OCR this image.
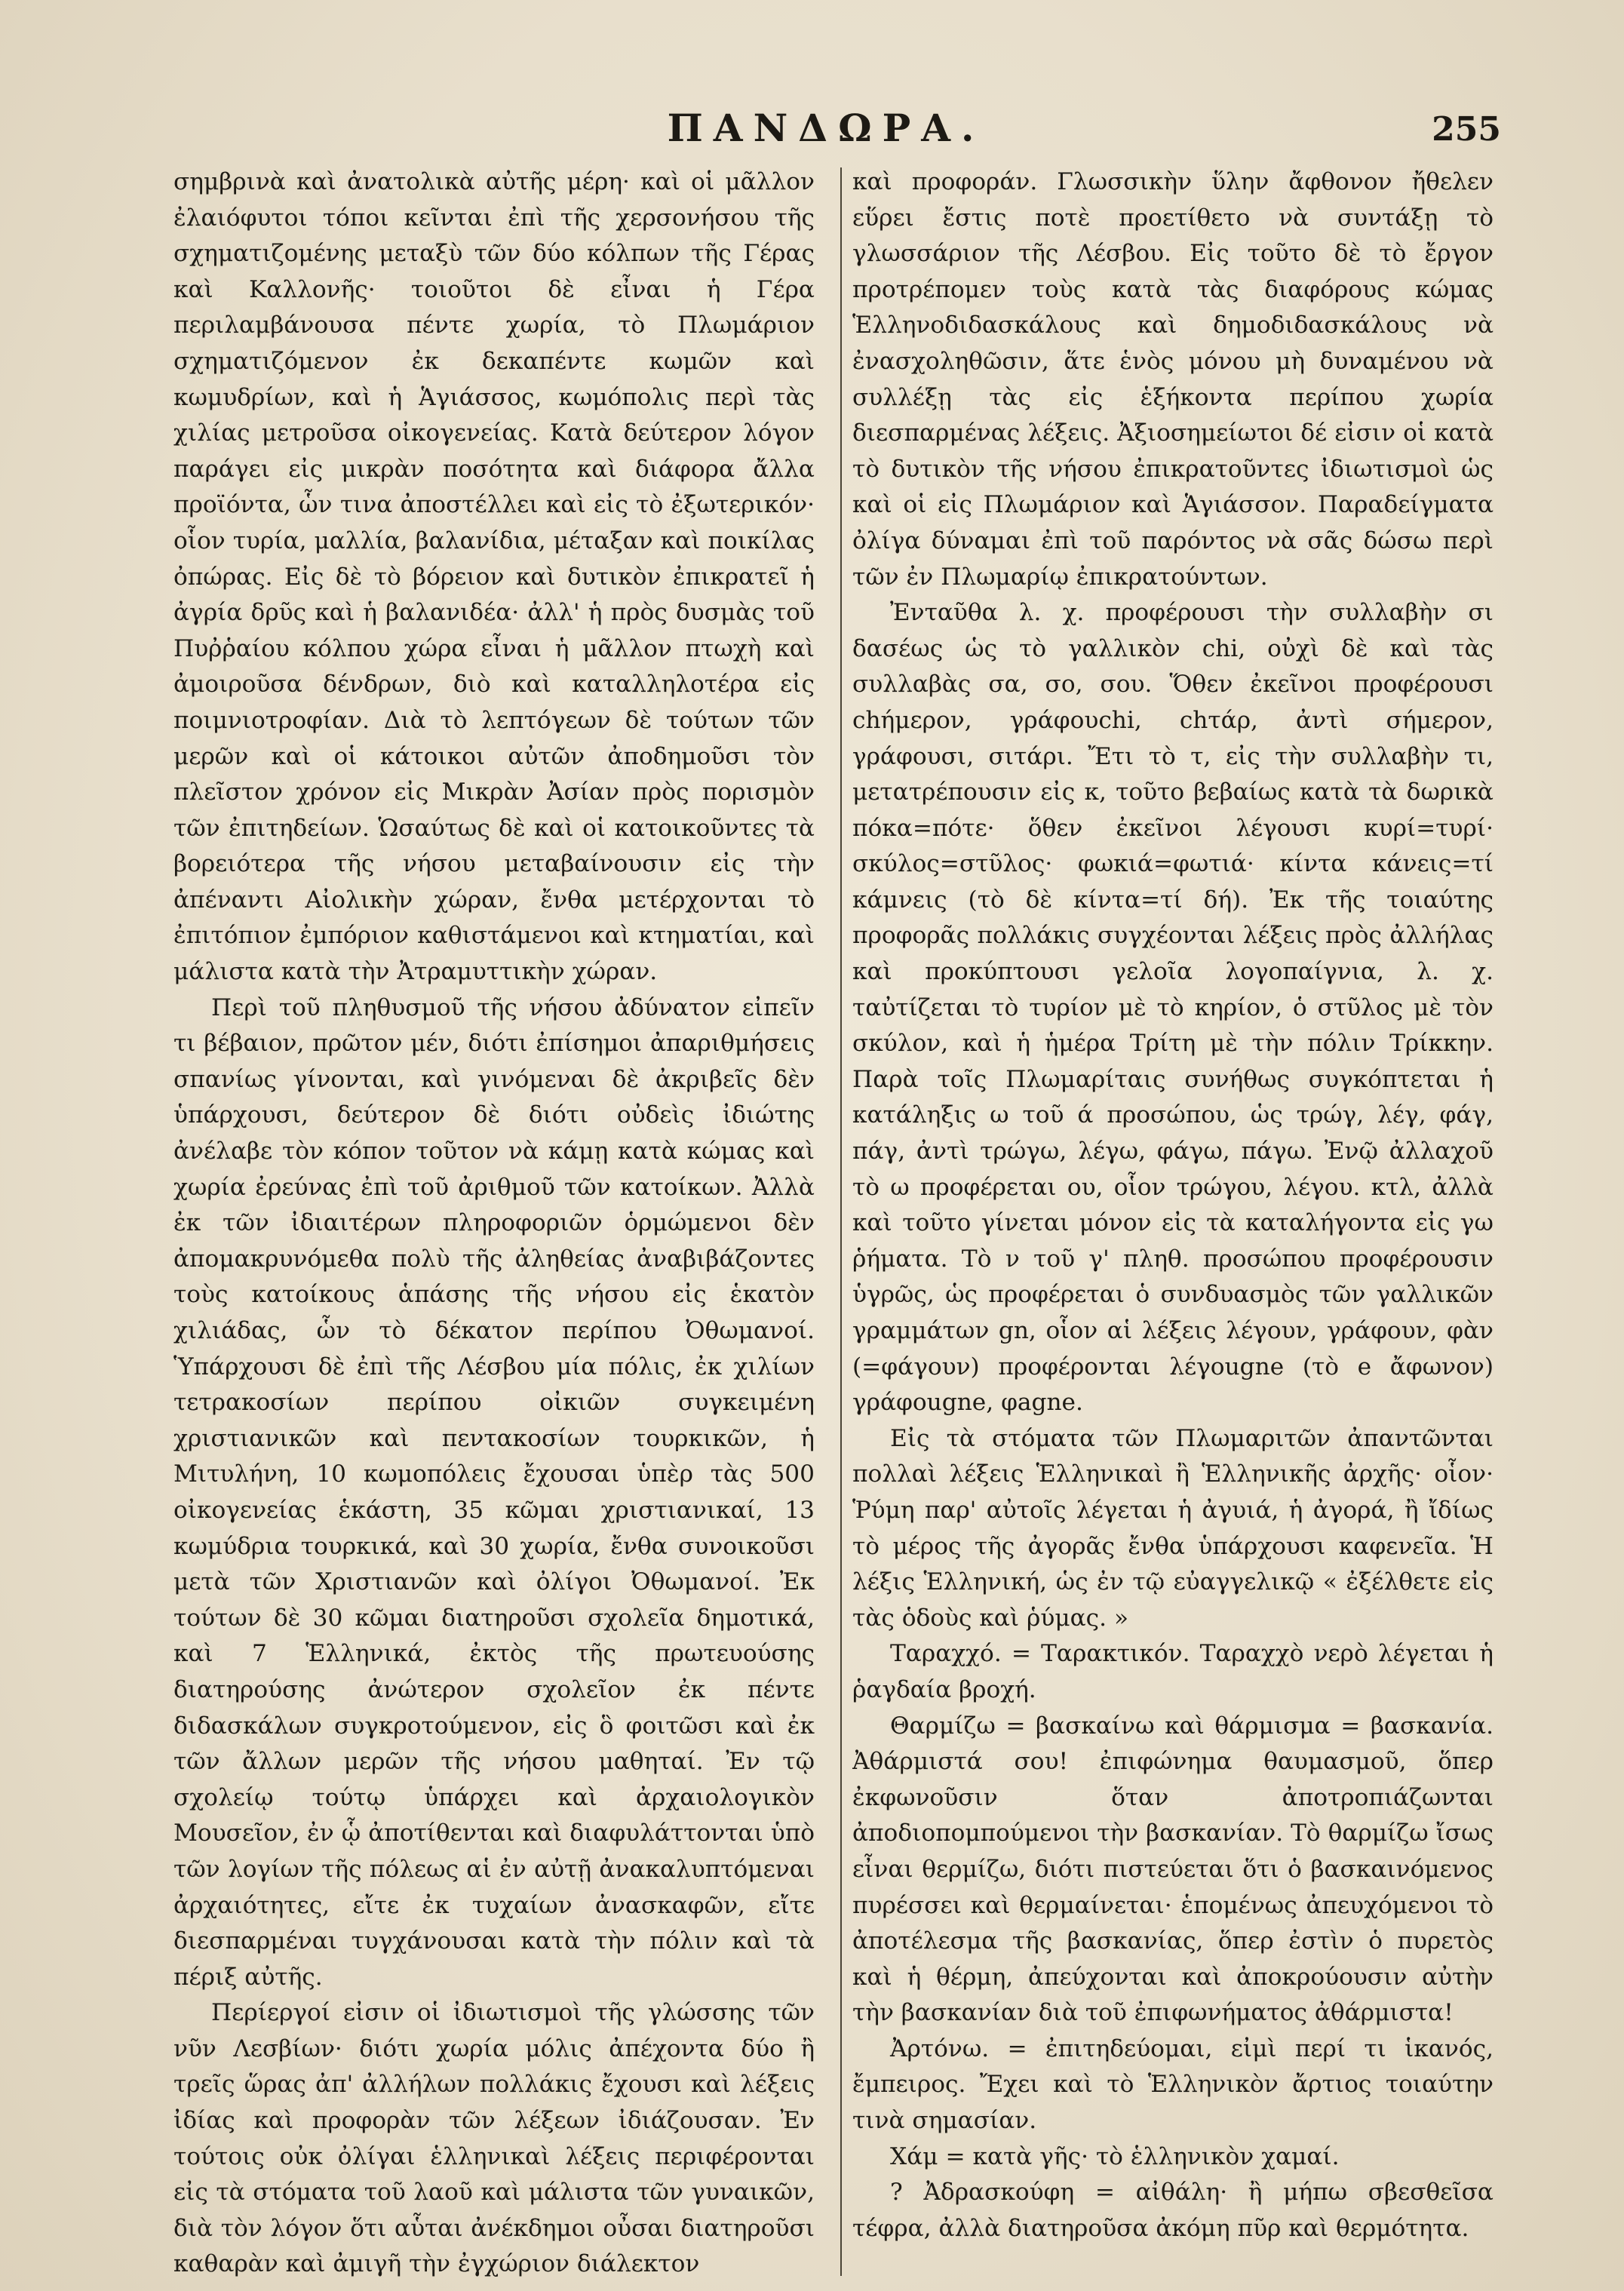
ΠΑΝΔΩΡΑ.	255

σημβρινὰ καὶ ἀνατολικὰ αὐτῆς μέρη· καὶ οἱ μᾶλλον ἐλαιόφυτοι τόποι κεῖνται ἐπὶ τῆς χερσονήσου τῆς σχηματιζομένης μεταξὺ τῶν δύο κόλπων τῆς Γέρας καὶ Καλλονῆς· τοιοῦτοι δὲ εἶναι ἡ Γέρα περιλαμβάνουσα πέντε χωρία, τὸ Πλωμάριον σχηματιζόμενον ἐκ δεκαπέντε κωμῶν καὶ κωμυδρίων, καὶ ἡ Ἁγιάσσος, κωμόπολις περὶ τὰς χιλίας μετροῦσα οἰκογενείας. Κατὰ δεύτερον λόγον παράγει εἰς μικρὰν ποσότητα καὶ διάφορα ἄλλα προϊόντα, ὧν τινα ἀποστέλλει καὶ εἰς τὸ ἐξωτερικόν· οἷον τυρία, μαλλία, βαλανίδια, μέταξαν καὶ ποικίλας ὀπώρας. Εἰς δὲ τὸ βόρειον καὶ δυτικὸν ἐπικρατεῖ ἡ ἀγρία δρῦς καὶ ἡ βαλανιδέα· ἀλλ' ἡ πρὸς δυσμὰς τοῦ Πυῤῥαίου κόλπου χώρα εἶναι ἡ μᾶλλον πτωχὴ καὶ ἀμοιροῦσα δένδρων, διὸ καὶ καταλληλοτέρα εἰς ποιμνιοτροφίαν. Διὰ τὸ λεπτόγεων δὲ τούτων τῶν μερῶν καὶ οἱ κάτοικοι αὐτῶν ἀποδημοῦσι τὸν πλεῖστον χρόνον εἰς Μικρὰν Ἀσίαν πρὸς πορισμὸν τῶν ἐπιτηδείων. Ὡσαύτως δὲ καὶ οἱ κατοικοῦντες τὰ βορειότερα τῆς νήσου μεταβαίνουσιν εἰς τὴν ἀπέναντι Αἰολικὴν χώραν, ἔνθα μετέρχονται τὸ ἐπιτόπιον ἐμπόριον καθιστάμενοι καὶ κτηματίαι, καὶ μάλιστα κατὰ τὴν Ἀτραμυττικὴν χώραν.

Περὶ τοῦ πληθυσμοῦ τῆς νήσου ἀδύνατον εἰπεῖν τι βέβαιον, πρῶτον μέν, διότι ἐπίσημοι ἀπαριθμήσεις σπανίως γίνονται, καὶ γινόμεναι δὲ ἀκριβεῖς δὲν ὑπάρχουσι, δεύτερον δὲ διότι οὐδεὶς ἰδιώτης ἀνέλαβε τὸν κόπον τοῦτον νὰ κάμῃ κατὰ κώμας καὶ χωρία ἐρεύνας ἐπὶ τοῦ ἀριθμοῦ τῶν κατοίκων. Ἀλλὰ ἐκ τῶν ἰδιαιτέρων πληροφοριῶν ὁρμώμενοι δὲν ἀπομακρυνόμεθα πολὺ τῆς ἀληθείας ἀναβιβάζοντες τοὺς κατοίκους ἁπάσης τῆς νήσου εἰς ἑκατὸν χιλιάδας, ὧν τὸ δέκατον περίπου Ὀθωμανοί. Ὑπάρχουσι δὲ ἐπὶ τῆς Λέσβου μία πόλις, ἐκ χιλίων τετρακοσίων περίπου οἰκιῶν συγκειμένη χριστιανικῶν καὶ πεντακοσίων τουρκικῶν, ἡ Μιτυλήνη, 10 κωμοπόλεις ἔχουσαι ὑπὲρ τὰς 500 οἰκογενείας ἑκάστη, 35 κῶμαι χριστιανικαί, 13 κωμύδρια τουρκικά, καὶ 30 χωρία, ἔνθα συνοικοῦσι μετὰ τῶν Χριστιανῶν καὶ ὀλίγοι Ὀθωμανοί. Ἐκ τούτων δὲ 30 κῶμαι διατηροῦσι σχολεῖα δημοτικά, καὶ 7 Ἑλληνικά, ἐκτὸς τῆς πρωτευούσης διατηρούσης ἀνώτερον σχολεῖον ἐκ πέντε διδασκάλων συγκροτούμενον, εἰς ὃ φοιτῶσι καὶ ἐκ τῶν ἄλλων μερῶν τῆς νήσου μαθηταί. Ἐν τῷ σχολείῳ τούτῳ ὑπάρχει καὶ ἀρχαιολογικὸν Μουσεῖον, ἐν ᾧ ἀποτίθενται καὶ διαφυλάττονται ὑπὸ τῶν λογίων τῆς πόλεως αἱ ἐν αὐτῇ ἀνακαλυπτόμεναι ἀρχαιότητες, εἴτε ἐκ τυχαίων ἀνασκαφῶν, εἴτε διεσπαρμέναι τυγχάνουσαι κατὰ τὴν πόλιν καὶ τὰ πέριξ αὐτῆς.

Περίεργοί εἰσιν οἱ ἰδιωτισμοὶ τῆς γλώσσης τῶν νῦν Λεσβίων· διότι χωρία μόλις ἀπέχοντα δύο ἢ τρεῖς ὥρας ἀπ' ἀλλήλων πολλάκις ἔχουσι καὶ λέξεις ἰδίας καὶ προφορὰν τῶν λέξεων ἰδιάζουσαν. Ἐν τούτοις οὐκ ὀλίγαι ἑλληνικαὶ λέξεις περιφέρονται εἰς τὰ στόματα τοῦ λαοῦ καὶ μάλιστα τῶν γυναικῶν, διὰ τὸν λόγον ὅτι αὗται ἀνέκδημοι οὖσαι διατηροῦσι καθαρὰν καὶ ἀμιγῆ τὴν ἐγχώριον διάλεκτον

καὶ προφοράν. Γλωσσικὴν ὕλην ἄφθονον ἤθελεν εὕρει ἔστις ποτὲ προετίθετο νὰ συντάξῃ τὸ γλωσσάριον τῆς Λέσβου. Εἰς τοῦτο δὲ τὸ ἔργον προτρέπομεν τοὺς κατὰ τὰς διαφόρους κώμας Ἑλληνοδιδασκάλους καὶ δημοδιδασκάλους νὰ ἐνασχοληθῶσιν, ἅτε ἑνὸς μόνου μὴ δυναμένου νὰ συλλέξῃ τὰς εἰς ἑξήκοντα περίπου χωρία διεσπαρμένας λέξεις. Ἀξιοσημείωτοι δέ εἰσιν οἱ κατὰ τὸ δυτικὸν τῆς νήσου ἐπικρατοῦντες ἰδιωτισμοὶ ὡς καὶ οἱ εἰς Πλωμάριον καὶ Ἁγιάσσον. Παραδείγματα ὀλίγα δύναμαι ἐπὶ τοῦ παρόντος νὰ σᾶς δώσω περὶ τῶν ἐν Πλωμαρίῳ ἐπικρατούντων.

Ἐνταῦθα λ. χ. προφέρουσι τὴν συλλαβὴν σι δασέως ὡς τὸ γαλλικὸν chi, οὐχὶ δὲ καὶ τὰς συλλαβὰς σα, σο, σου. Ὅθεν ἐκεῖνοι προφέρουσι chήμερον, γράφουchi, chτάρ, ἀντὶ σήμερον, γράφουσι, σιτάρι. Ἔτι τὸ τ, εἰς τὴν συλλαβὴν τι, μετατρέπουσιν εἰς κ, τοῦτο βεβαίως κατὰ τὰ δωρικὰ πόκα=πότε· ὅθεν ἐκεῖνοι λέγουσι κυρί=τυρί· σκύλος=στῦλος· φωκιά=φωτιά· κίντα κάνεις=τί κάμνεις (τὸ δὲ κίντα=τί δή). Ἐκ τῆς τοιαύτης προφορᾶς πολλάκις συγχέονται λέξεις πρὸς ἀλλήλας καὶ προκύπτουσι γελοῖα λογοπαίγνια, λ. χ. ταὐτίζεται τὸ τυρίον μὲ τὸ κηρίον, ὁ στῦλος μὲ τὸν σκύλον, καὶ ἡ ἡμέρα Τρίτη μὲ τὴν πόλιν Τρίκκην. Παρὰ τοῖς Πλωμαρίταις συνήθως συγκόπτεται ἡ κατάληξις ω τοῦ ά προσώπου, ὡς τρώγ, λέγ, φάγ, πάγ, ἀντὶ τρώγω, λέγω, φάγω, πάγω. Ἐνῷ ἀλλαχοῦ τὸ ω προφέρεται ου, οἷον τρώγου, λέγου. κτλ, ἀλλὰ καὶ τοῦτο γίνεται μόνον εἰς τὰ καταλήγοντα εἰς γω ῥήματα. Τὸ ν τοῦ γ' πληθ. προσώπου προφέρουσιν ὑγρῶς, ὡς προφέρεται ὁ συνδυασμὸς τῶν γαλλικῶν γραμμάτων gn, οἷον αἱ λέξεις λέγουν, γράφουν, φὰν (=φάγουν) προφέρονται λέγougne (τὸ e ἄφωνον) γράφougne, φagne.

Εἰς τὰ στόματα τῶν Πλωμαριτῶν ἀπαντῶνται πολλαὶ λέξεις Ἑλληνικαὶ ἢ Ἑλληνικῆς ἀρχῆς· οἷον· Ῥύμη παρ' αὐτοῖς λέγεται ἡ ἀγυιά, ἡ ἀγορά, ἢ ἴδίως τὸ μέρος τῆς ἀγορᾶς ἔνθα ὑπάρχουσι καφενεῖα. Ἡ λέξις Ἑλληνική, ὡς ἐν τῷ εὐαγγελικῷ « ἐξέλθετε εἰς τὰς ὁδοὺς καὶ ῥύμας. »

Ταραχχό. = Ταρακτικόν. Ταραχχὸ νερὸ λέγεται ἡ ῥαγδαία βροχή.

Θαρμίζω = βασκαίνω καὶ θάρμισμα = βασκανία. Ἀθάρμιστά σου! ἐπιφώνημα θαυμασμοῦ, ὅπερ ἐκφωνοῦσιν ὅταν ἀποτροπιάζωνται ἀποδιοπομπούμενοι τὴν βασκανίαν. Τὸ θαρμίζω ἴσως εἶναι θερμίζω, διότι πιστεύεται ὅτι ὁ βασκαινόμενος πυρέσσει καὶ θερμαίνεται· ἑπομένως ἀπευχόμενοι τὸ ἀποτέλεσμα τῆς βασκανίας, ὅπερ ἐστὶν ὁ πυρετὸς καὶ ἡ θέρμη, ἀπεύχονται καὶ ἀποκρούουσιν αὐτὴν τὴν βασκανίαν διὰ τοῦ ἐπιφωνήματος ἀθάρμιστα!

Ἀρτόνω. = ἐπιτηδεύομαι, εἰμὶ περί τι ἱκανός, ἔμπειρος. Ἔχει καὶ τὸ Ἑλληνικὸν ἄρτιος τοιαύτην τινὰ σημασίαν.

Χάμ = κατὰ γῆς· τὸ ἑλληνικὸν χαμαί.

? Ἀδρασκούφη = αἰθάλη· ἢ μήπω σβεσθεῖσα τέφρα, ἀλλὰ διατηροῦσα ἀκόμη πῦρ καὶ θερμότητα.
